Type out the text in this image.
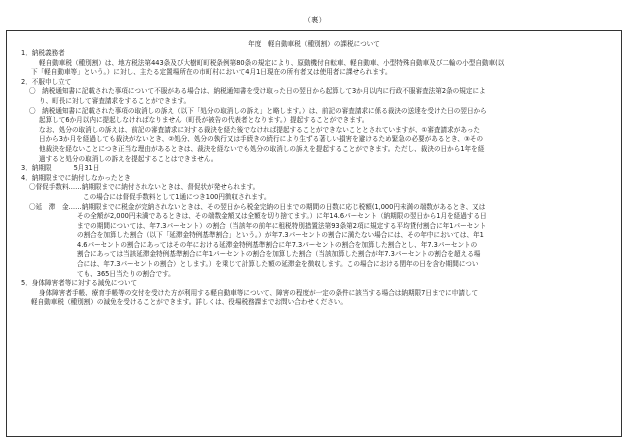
（裏）
年度　軽自動車税（種別割）の課税について
1．納税義務者
軽自動車税（種別割）は、地方税法第443条及び大樹町町税条例第80条の規定により、原動機付自転車、軽自動車、小型特殊自動車及び二輪の小型自動車(以
下「軽自動車等」という。）に対し、主たる定置場所在の市町村において4月1日現在の所有者又は使用者に課せられます。
2．不服申し立て
〇　納税通知書に記載された事項について不服がある場合は、納税通知書を受け取った日の翌日から起算して3か月以内に行政不服審査法第2条の規定によ
り、町長に対して審査請求をすることができます。
〇　納税通知書に記載された事項の取消しの訴え（以下「処分の取消しの訴え」と略します。）は、前記の審査請求に係る裁決の送達を受けた日の翌日から
起算して6か月以内に提起しなければなりません（町長が被告の代表者となります。）提起することができます。
なお、処分の取消しの訴えは、前記の審査請求に対する裁決を経た後でなければ提起することができないこととされていますが、①審査請求があった
日から3か月を経過しても裁決がないとき、②処分、処分の執行又は手続きの続行により生ずる著しい損害を避けるため緊急の必要があるとき、③その
他裁決を経ないことにつき正当な理由があるときは、裁決を経ないでも処分の取消しの訴えを提起することができます。ただし、裁決の日から1年を経
過すると処分の取消しの訴えを提起することはできません。
3．納期限	5月31日
4．納期限までに納付しなかったとき
〇督促手数料……納期限までに納付されないときは、督促状が発せられます。
この場合には督促手数料として1通につき100円徴収されます。
〇延　滞　金……納期限までに税金が完納されないときは、その翌日から税金完納の日までの期間の日数に応じ税額(1,000円未満の端数があるとき、又は
その全額が2,000円未満であるときは、その端数金額又は全額を切り捨てます。）に年14.6パーセント（納期限の翌日から1月を経過する日
までの期間については、年7.3パーセント）の割合（当該年の前年に租税特別措置法第93条第2項に規定する平均貸付割合に年1パーセント
の割合を加算した割合（以下「延滞金特例基準割合」という。）が年7.3パーセントの割合に満たない場合には、その年中においては、年1
4.6パーセントの割合にあってはその年における延滞金特例基準割合に年7.3パーセントの割合を加算した割合とし、年7.3パーセントの
割合にあっては当該延滞金特例基準割合に年1パーセントの割合を加算した割合（当該加算した割合が年7.3パーセントの割合を超える場
合には、年7.3パーセントの割合）とします。）を乗じて計算した額の延滞金を徴収します。この場合における閏年の日を含む期間につい
ても、365日当たりの割合です。
5．身体障害者等に対する減免について
身体障害者手帳、療育手帳等の交付を受けた方が利用する軽自動車等について、障害の程度が一定の条件に該当する場合は納期限7日までに申請して
軽自動車税（種別割）の減免を受けることができます。詳しくは、役場税務課までお問い合わせください。
